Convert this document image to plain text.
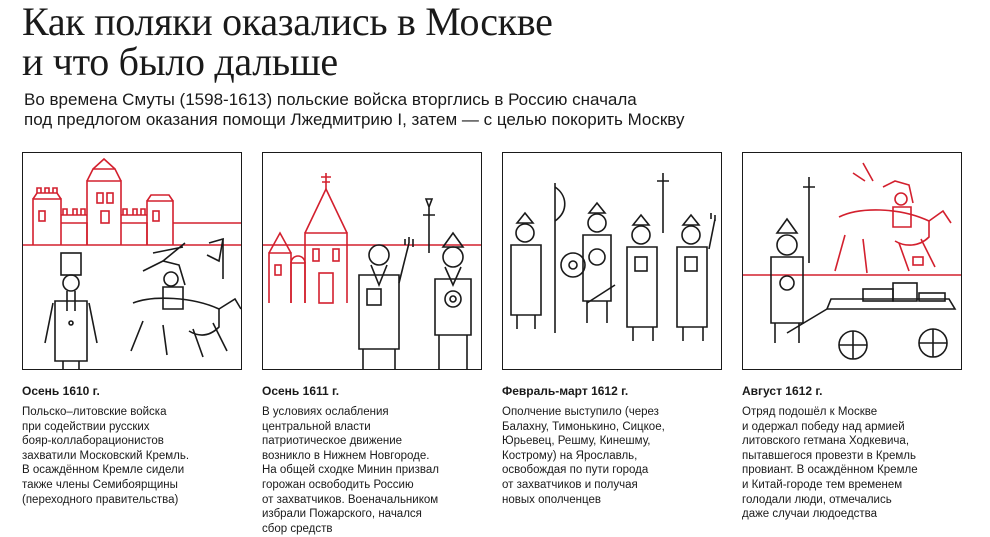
Как поляки оказались в Москве
и что было дальше
Во времена Смуты (1598-1613) польские войска вторглись в Россию сначала
под предлогом оказания помощи Лжедмитрию I, затем — с целью покорить Москву
Осень 1610 г.
Польско–литовские войска
при содействии русских
бояр-коллаборационистов
захватили Московский Кремль.
В осаждённом Кремле сидели
также члены Семибоярщины
(переходного правительства)
Осень 1611 г.
В условиях ослабления
центральной власти
патриотическое движение
возникло в Нижнем Новгороде.
На общей сходке Минин призвал
горожан освободить Россию
от захватчиков. Военачальником
избрали Пожарского, начался
сбор средств
Февраль-март 1612 г.
Ополчение выступило (через
Балахну, Тимонькино, Сицкое,
Юрьевец, Решму, Кинешму,
Кострому) на Ярославль,
освобождая по пути города
от захватчиков и получая
новых ополченцев
Август 1612 г.
Отряд подошёл к Москве
и одержал победу над армией
литовского гетмана Ходкевича,
пытавшегося провезти в Кремль
провиант. В осаждённом Кремле
и Китай-городе тем временем
голодали люди, отмечались
даже случаи людоедства
